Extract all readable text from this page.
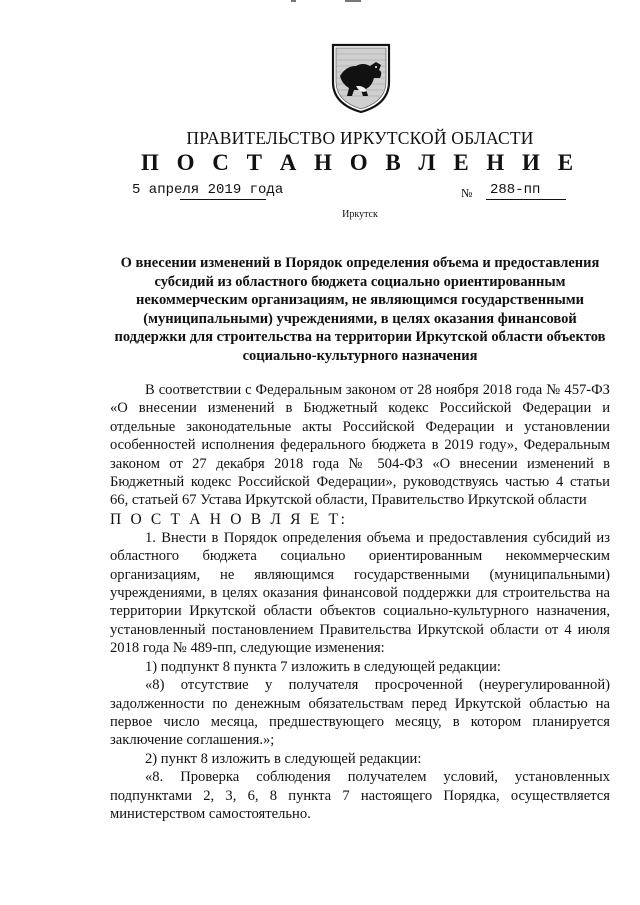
ПРАВИТЕЛЬСТВО ИРКУТСКОЙ ОБЛАСТИ
П О С Т А Н О В Л Е Н И Е
5 апреля 2019 года	№ 288-пп
Иркутск
О внесении изменений в Порядок определения объема и предоставления субсидий из областного бюджета социально ориентированным некоммерческим организациям, не являющимся государственными (муниципальными) учреждениями, в целях оказания финансовой поддержки для строительства на территории Иркутской области объектов социально-культурного назначения

В соответствии с Федеральным законом от 28 ноября 2018 года № 457-ФЗ «О внесении изменений в Бюджетный кодекс Российской Федерации и отдельные законодательные акты Российской Федерации и установлении особенностей исполнения федерального бюджета в 2019 году», Федеральным законом от 27 декабря 2018 года № 504-ФЗ «О внесении изменений в Бюджетный кодекс Российской Федерации», руководствуясь частью 4 статьи 66, статьей 67 Устава Иркутской области, Правительство Иркутской области

П О С Т А Н О В Л Я Е Т:

1. Внести в Порядок определения объема и предоставления субсидий из областного бюджета социально ориентированным некоммерческим организациям, не являющимся государственными (муниципальными) учреждениями, в целях оказания финансовой поддержки для строительства на территории Иркутской области объектов социально-культурного назначения, установленный постановлением Правительства Иркутской области от 4 июля 2018 года № 489-пп, следующие изменения:

1) подпункт 8 пункта 7 изложить в следующей редакции:

«8) отсутствие у получателя просроченной (неурегулированной) задолженности по денежным обязательствам перед Иркутской областью на первое число месяца, предшествующего месяцу, в котором планируется заключение соглашения.»;

2) пункт 8 изложить в следующей редакции:

«8. Проверка соблюдения получателем условий, установленных подпунктами 2, 3, 6, 8 пункта 7 настоящего Порядка, осуществляется министерством самостоятельно.
